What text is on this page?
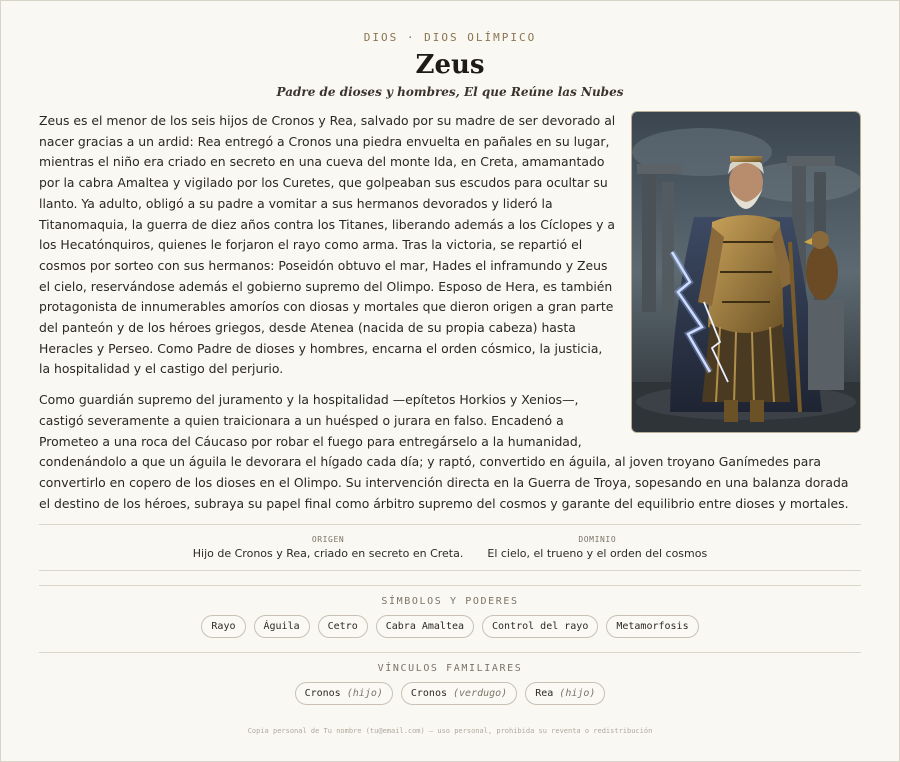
DIOS · DIOS OLÍMPICO
Zeus
Padre de dioses y hombres, El que Reúne las Nubes

Zeus es el menor de los seis hijos de Cronos y Rea, salvado por su madre de ser devorado al nacer gracias a un ardid: Rea entregó a Cronos una piedra envuelta en pañales en su lugar, mientras el niño era criado en secreto en una cueva del monte Ida, en Creta, amamantado por la cabra Amaltea y vigilado por los Curetes, que golpeaban sus escudos para ocultar su llanto. Ya adulto, obligó a su padre a vomitar a sus hermanos devorados y lideró la Titanomaquia, la guerra de diez años contra los Titanes, liberando además a los Cíclopes y a los Hecatónquiros, quienes le forjaron el rayo como arma. Tras la victoria, se repartió el cosmos por sorteo con sus hermanos: Poseidón obtuvo el mar, Hades el inframundo y Zeus el cielo, reservándose además el gobierno supremo del Olimpo. Esposo de Hera, es también protagonista de innumerables amoríos con diosas y mortales que dieron origen a gran parte del panteón y de los héroes griegos, desde Atenea (nacida de su propia cabeza) hasta Heracles y Perseo. Como Padre de dioses y hombres, encarna el orden cósmico, la justicia, la hospitalidad y el castigo del perjurio.

Como guardián supremo del juramento y la hospitalidad —epítetos Horkios y Xenios—, castigó severamente a quien traicionara a un huésped o jurara en falso. Encadenó a Prometeo a una roca del Cáucaso por robar el fuego para entregárselo a la humanidad, condenándolo a que un águila le devorara el hígado cada día; y raptó, convertido en águila, al joven troyano Ganímedes para convertirlo en copero de los dioses en el Olimpo. Su intervención directa en la Guerra de Troya, sopesando en una balanza dorada el destino de los héroes, subraya su papel final como árbitro supremo del cosmos y garante del equilibrio entre dioses y mortales.

ORIGEN
Hijo de Cronos y Rea, criado en secreto en Creta.
DOMINIO
El cielo, el trueno y el orden del cosmos
SÍMBOLOS Y PODERES
Rayo	Águila	Cetro	Cabra Amaltea	Control del rayo	Metamorfosis
VÍNCULOS FAMILIARES
Cronos (hijo)	Cronos (verdugo)	Rea (hijo)
Copia personal de Tu nombre (tu@email.com) — uso personal, prohibida su reventa o redistribución
